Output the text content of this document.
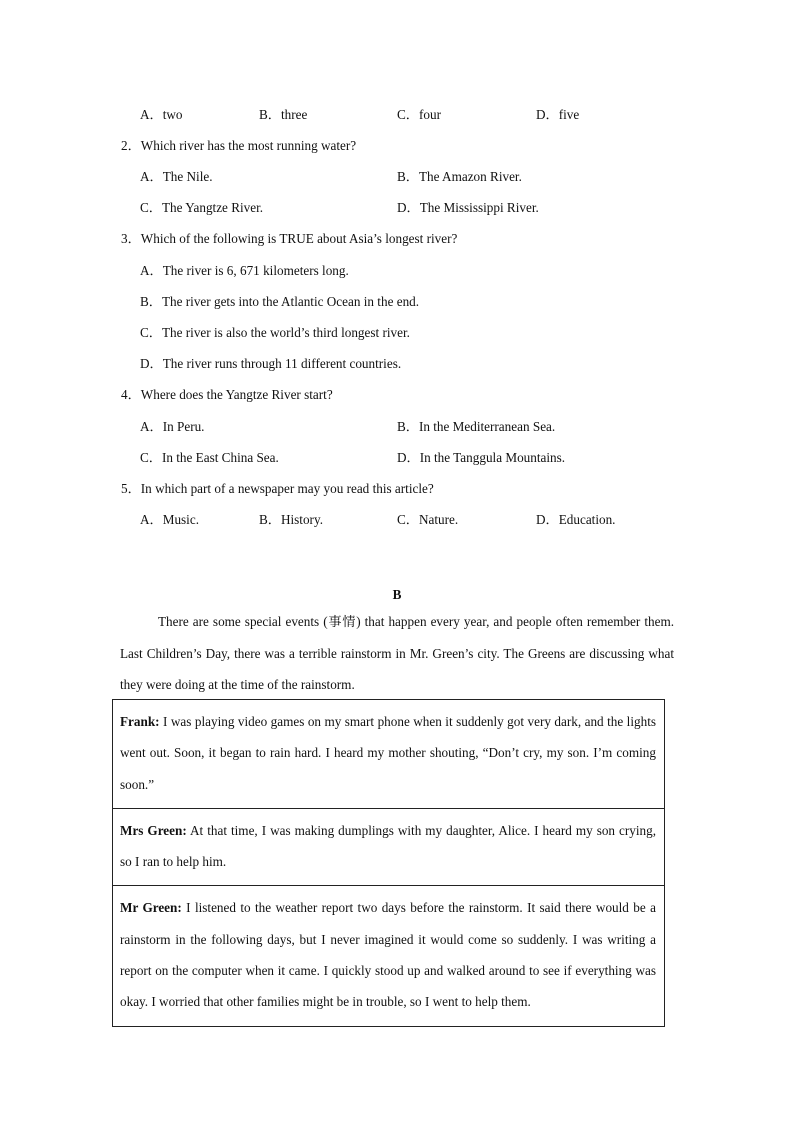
A．two	B．three	C．four	D．five
2．Which river has the most running water?
A．The Nile.	B．The Amazon River.
C．The Yangtze River.	D．The Mississippi River.
3．Which of the following is TRUE about Asia’s longest river?
A．The river is 6, 671 kilometers long.
B．The river gets into the Atlantic Ocean in the end.
C．The river is also the world’s third longest river.
D．The river runs through 11 different countries.
4．Where does the Yangtze River start?
A．In Peru.	B．In the Mediterranean Sea.
C．In the East China Sea.	D．In the Tanggula Mountains.
5．In which part of a newspaper may you read this article?
A．Music.	B．History.	C．Nature.	D．Education.
B

There are some special events (事情) that happen every year, and people often remember them. Last Children’s Day, there was a terrible rainstorm in Mr. Green’s city. The Greens are discussing what they were doing at the time of the rainstorm.

Frank: I was playing video games on my smart phone when it suddenly got very dark, and the lights went out. Soon, it began to rain hard. I heard my mother shouting, “Don’t cry, my son. I’m coming soon.”
Mrs Green: At that time, I was making dumplings with my daughter, Alice. I heard my son crying, so I ran to help him.
Mr Green: I listened to the weather report two days before the rainstorm. It said there would be a rainstorm in the following days, but I never imagined it would come so suddenly. I was writing a report on the computer when it came. I quickly stood up and walked around to see if everything was okay. I worried that other families might be in trouble, so I went to help them.
